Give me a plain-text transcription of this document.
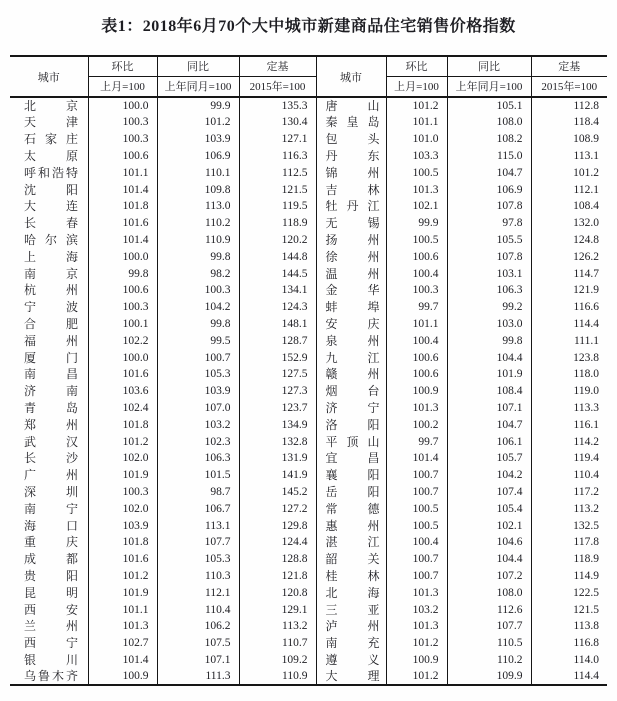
表1：2018年6月70个大中城市新建商品住宅销售价格指数
城市	环比	同比	定基	城市	环比	同比	定基
	上月=100	上年同月=100	2015年=100		上月=100	上年同月=100	2015年=100

北 京	100.0	99.9	135.3	唐 山	101.2	105.1	112.8

天 津	100.3	101.2	130.4	秦 皇 岛	101.1	108.0	118.4

石 家 庄	100.3	103.9	127.1	包 头	101.0	108.2	108.9

太 原	100.6	106.9	116.3	丹 东	103.3	115.0	113.1

呼 和 浩 特	101.1	110.1	112.5	锦 州	100.5	104.7	101.2

沈 阳	101.4	109.8	121.5	吉 林	101.3	106.9	112.1

大 连	101.8	113.0	119.5	牡 丹 江	102.1	107.8	108.4

长 春	101.6	110.2	118.9	无 锡	99.9	97.8	132.0

哈 尔 滨	101.4	110.9	120.2	扬 州	100.5	105.5	124.8

上 海	100.0	99.8	144.8	徐 州	100.6	107.8	126.2

南 京	99.8	98.2	144.5	温 州	100.4	103.1	114.7

杭 州	100.6	100.3	134.1	金 华	100.3	106.3	121.9

宁 波	100.3	104.2	124.3	蚌 埠	99.7	99.2	116.6

合 肥	100.1	99.8	148.1	安 庆	101.1	103.0	114.4

福 州	102.2	99.5	128.7	泉 州	100.4	99.8	111.1

厦 门	100.0	100.7	152.9	九 江	100.6	104.4	123.8

南 昌	101.6	105.3	127.5	赣 州	100.6	101.9	118.0

济 南	103.6	103.9	127.3	烟 台	100.9	108.4	119.0

青 岛	102.4	107.0	123.7	济 宁	101.3	107.1	113.3

郑 州	101.8	103.2	134.9	洛 阳	100.2	104.7	116.1

武 汉	101.2	102.3	132.8	平 顶 山	99.7	106.1	114.2

长 沙	102.0	106.3	131.9	宜 昌	101.4	105.7	119.4

广 州	101.9	101.5	141.9	襄 阳	100.7	104.2	110.4

深 圳	100.3	98.7	145.2	岳 阳	100.7	107.4	117.2

南 宁	102.0	106.7	127.2	常 德	100.5	105.4	113.2

海 口	103.9	113.1	129.8	惠 州	100.5	102.1	132.5

重 庆	101.8	107.7	124.4	湛 江	100.4	104.6	117.8

成 都	101.6	105.3	128.8	韶 关	100.7	104.4	118.9

贵 阳	101.2	110.3	121.8	桂 林	100.7	107.2	114.9

昆 明	101.9	112.1	120.8	北 海	101.3	108.0	122.5

西 安	101.1	110.4	129.1	三 亚	103.2	112.6	121.5

兰 州	101.3	106.2	113.2	泸 州	101.3	107.7	113.8

西 宁	102.7	107.5	110.7	南 充	101.2	110.5	116.8

银 川	101.4	107.1	109.2	遵 义	100.9	110.2	114.0

乌 鲁 木 齐	100.9	111.3	110.9	大 理	101.2	109.9	114.4
